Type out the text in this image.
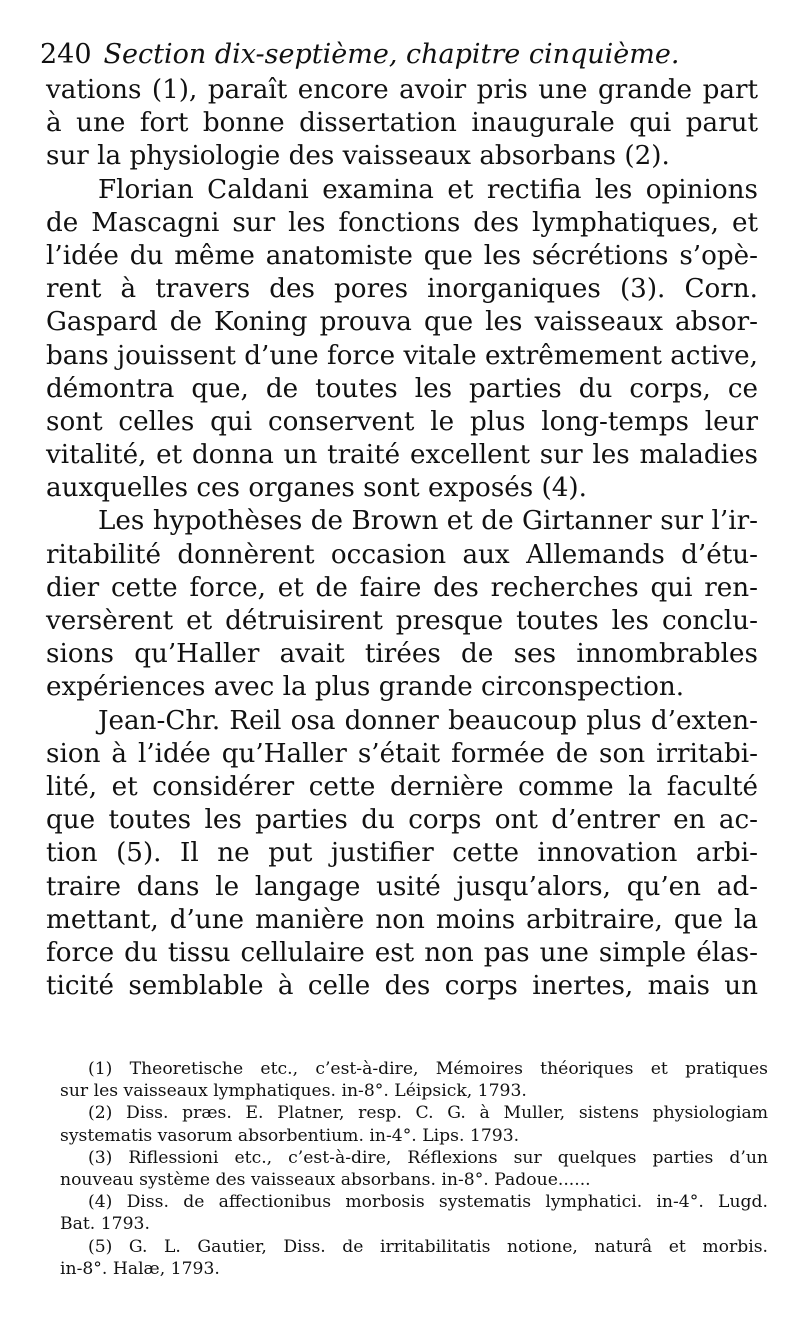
240 Section dix-septième, chapitre cinquième.
vations (1), paraît encore avoir pris une grande part
à une fort bonne dissertation inaugurale qui parut
sur la physiologie des vaisseaux absorbans (2).
Florian Caldani examina et rectifia les opinions
de Mascagni sur les fonctions des lymphatiques, et
l’idée du même anatomiste que les sécrétions s’opè-
rent à travers des pores inorganiques (3). Corn.
Gaspard de Koning prouva que les vaisseaux absor-
bans jouissent d’une force vitale extrêmement active,
démontra que, de toutes les parties du corps, ce
sont celles qui conservent le plus long-temps leur
vitalité, et donna un traité excellent sur les maladies
auxquelles ces organes sont exposés (4).
Les hypothèses de Brown et de Girtanner sur l’ir-
ritabilité donnèrent occasion aux Allemands d’étu-
dier cette force, et de faire des recherches qui ren-
versèrent et détruisirent presque toutes les conclu-
sions qu’Haller avait tirées de ses innombrables
expériences avec la plus grande circonspection.
Jean-Chr. Reil osa donner beaucoup plus d’exten-
sion à l’idée qu’Haller s’était formée de son irritabi-
lité, et considérer cette dernière comme la faculté
que toutes les parties du corps ont d’entrer en ac-
tion (5). Il ne put justifier cette innovation arbi-
traire dans le langage usité jusqu’alors, qu’en ad-
mettant, d’une manière non moins arbitraire, que la
force du tissu cellulaire est non pas une simple élas-
ticité semblable à celle des corps inertes, mais un
(1) Theoretische etc., c’est-à-dire, Mémoires théoriques et pratiques
sur les vaisseaux lymphatiques. in-8°. Léipsick, 1793.
(2) Diss. præs. E. Platner, resp. C. G. à Muller, sistens physiologiam
systematis vasorum absorbentium. in-4°. Lips. 1793.
(3) Riflessioni etc., c’est-à-dire, Réflexions sur quelques parties d’un
nouveau système des vaisseaux absorbans. in-8°. Padoue......
(4) Diss. de affectionibus morbosis systematis lymphatici. in-4°. Lugd.
Bat. 1793.
(5) G. L. Gautier, Diss. de irritabilitatis notione, naturâ et morbis.
in-8°. Halæ, 1793.
